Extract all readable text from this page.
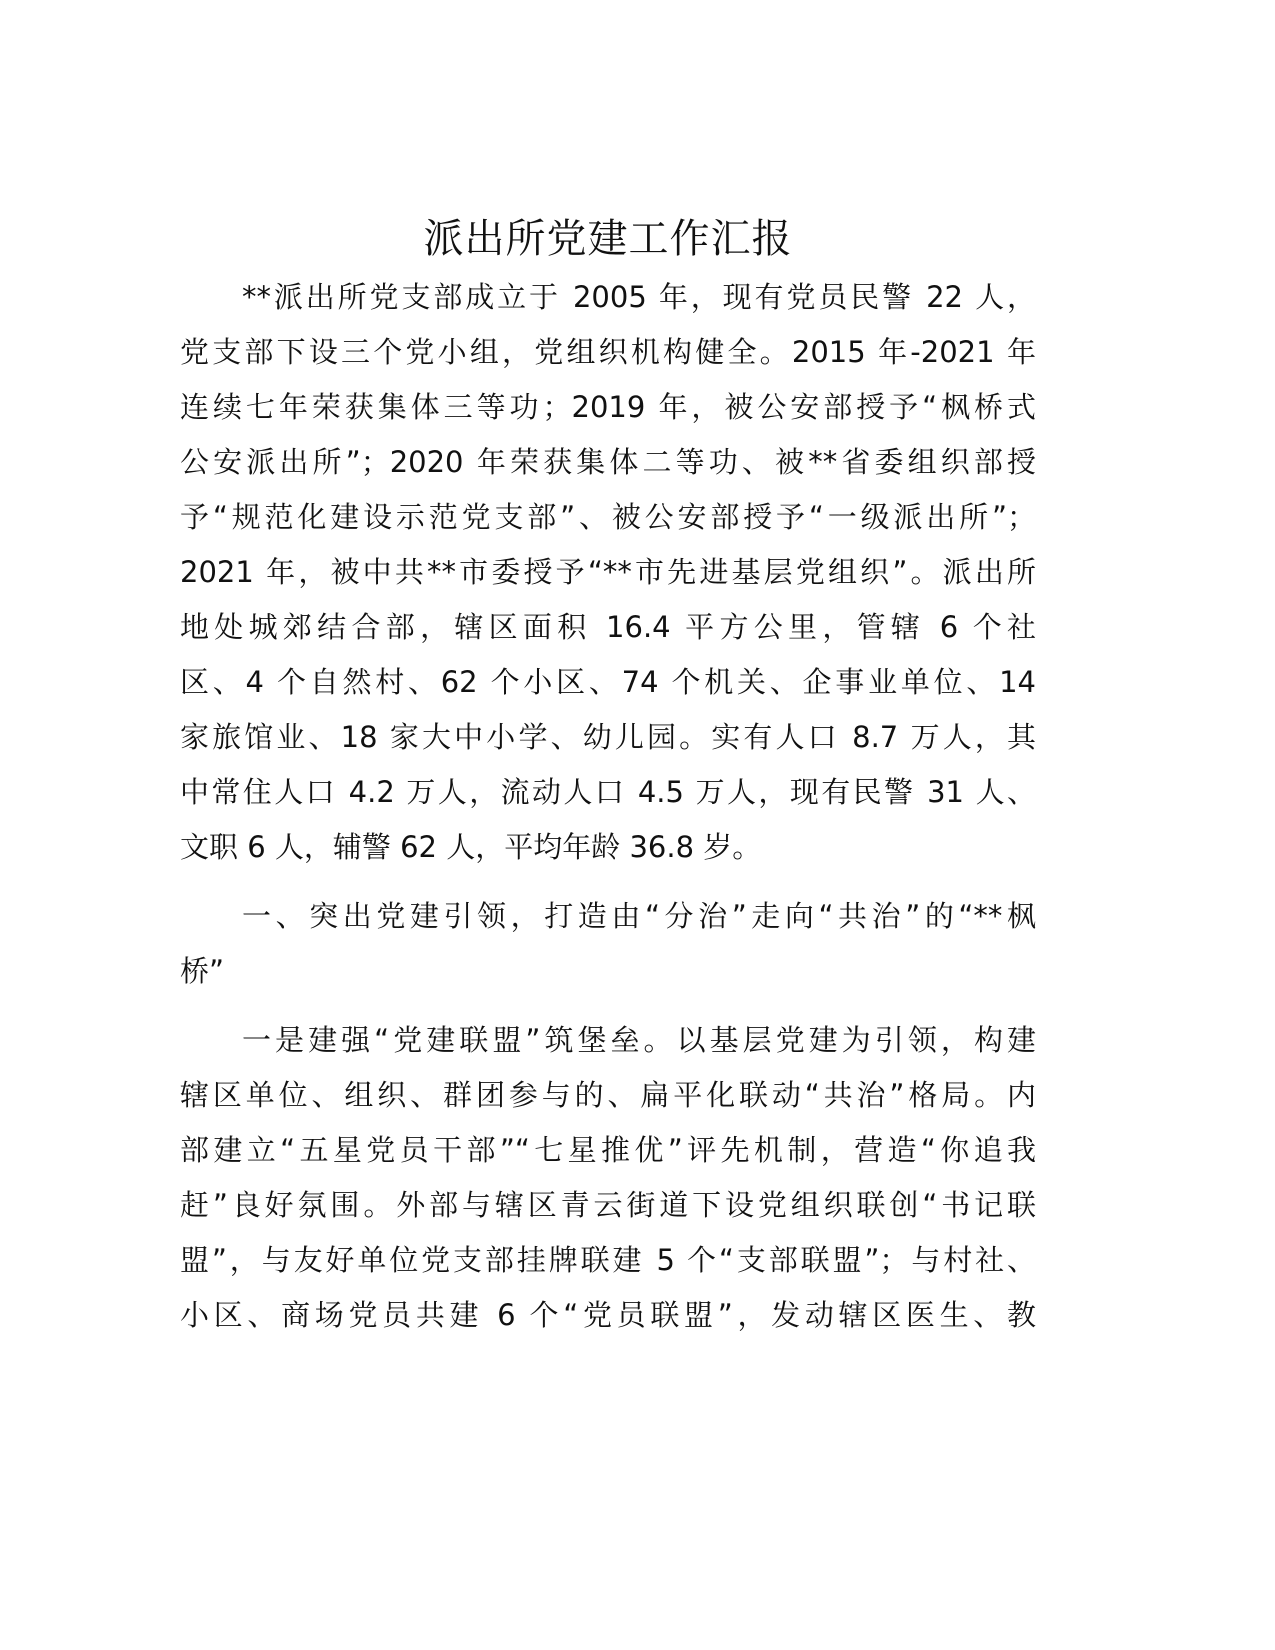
派出所党建工作汇报

**派出所党支部成立于 2005 年，现有党员民警 22 人，
党支部下设三个党小组，党组织机构健全。2015 年-2021 年
连续七年荣获集体三等功；2019 年，被公安部授予“枫桥式
公安派出所”；2020 年荣获集体二等功、被**省委组织部授
予“规范化建设示范党支部”、被公安部授予“一级派出所”；
2021 年，被中共**市委授予“**市先进基层党组织”。派出所
地处城郊结合部，辖区面积 16.4 平方公里，管辖 6 个社
区、4 个自然村、62 个小区、74 个机关、企事业单位、14
家旅馆业、18 家大中小学、幼儿园。实有人口 8.7 万人，其
中常住人口 4.2 万人，流动人口 4.5 万人，现有民警 31 人、
文职 6 人，辅警 62 人，平均年龄 36.8 岁。

一、突出党建引领，打造由“分治”走向“共治”的“**枫
桥”

一是建强“党建联盟”筑堡垒。以基层党建为引领，构建
辖区单位、组织、群团参与的、扁平化联动“共治”格局。内
部建立“五星党员干部”“七星推优”评先机制，营造“你追我
赶”良好氛围。外部与辖区青云街道下设党组织联创“书记联
盟”，与友好单位党支部挂牌联建 5 个“支部联盟”；与村社、
小区、商场党员共建 6 个“党员联盟”，发动辖区医生、教
